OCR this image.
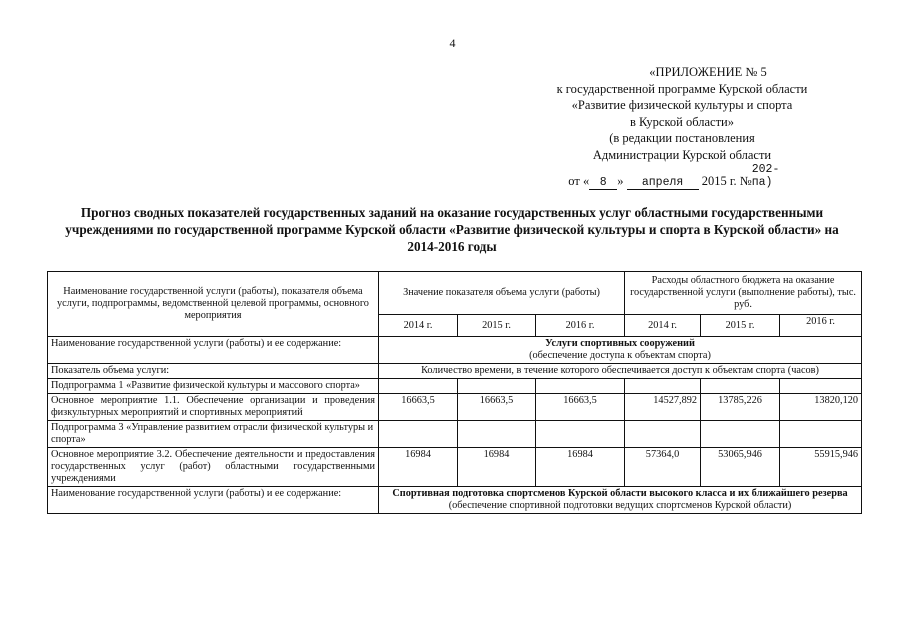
4
«ПРИЛОЖЕНИЕ № 5
к государственной программе Курской области
«Развитие физической культуры и спорта
в Курской области»
(в редакции постановления
Администрации Курской области
от « 8 » апреля 2015 г. №202-па)
Прогноз сводных показателей государственных заданий на оказание государственных услуг областными государственными учреждениями по государственной программе Курской области «Развитие физической культуры и спорта в Курской области» на 2014-2016 годы
Наименование государственной услуги (работы), показателя объема услуги, подпрограммы, ведомственной целевой программы, основного мероприятия	Значение показателя объема услуги (работы)			Расходы областного бюджета на оказание государственной услуги (выполнение работы), тыс. руб.		
	2014 г.	2015 г.	2016 г.	2014 г.	2015 г.	2016 г.
Наименование государственной услуги (работы) и ее содержание:	Услуги спортивных сооружений
(обеспечение доступа к объектам спорта)					
Показатель объема услуги:	Количество времени, в течение которого обеспечивается доступ к объектам спорта (часов)					
Подпрограмма 1 «Развитие физической культуры и массового спорта»						
Основное мероприятие 1.1. Обеспечение организации и проведения физкультурных мероприятий и спортивных мероприятий	16663,5	16663,5	16663,5	14527,892	13785,226	13820,120
Подпрограмма 3 «Управление развитием отрасли физической культуры и спорта»						
Основное мероприятие 3.2. Обеспечение деятельности и предоставления государственных услуг (работ) областными государственными учреждениями	16984	16984	16984	57364,0	53065,946	55915,946
Наименование государственной услуги (работы) и ее содержание:	Спортивная подготовка спортсменов Курской области высокого класса и их ближайшего резерва
(обеспечение спортивной подготовки ведущих спортсменов Курской области)					
